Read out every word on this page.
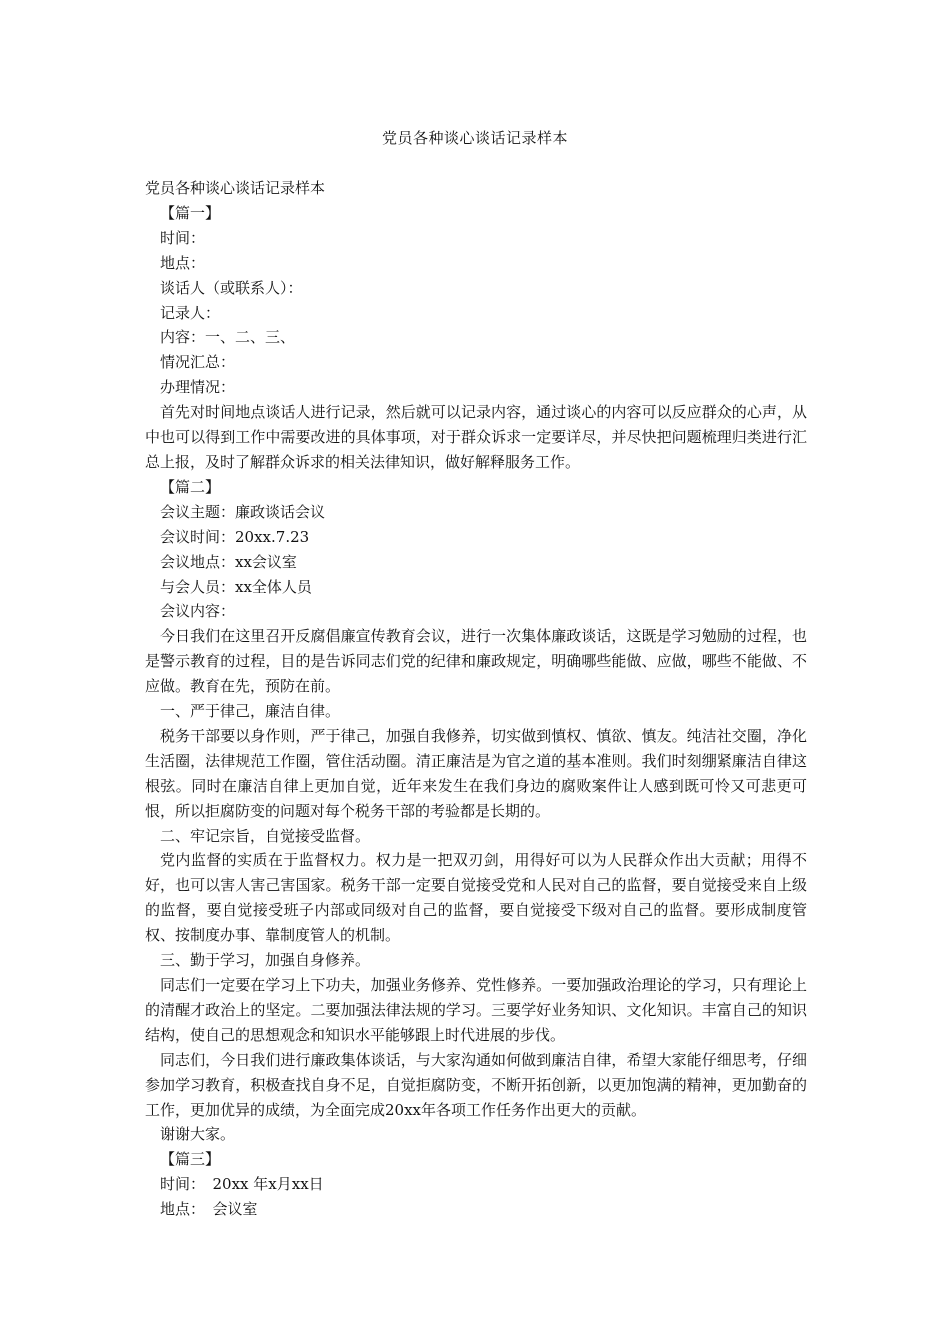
党员各种谈心谈话记录样本

党员各种谈心谈话记录样本

【篇一】

时间：

地点：

谈话人（或联系人）：

记录人：

内容：一、二、三、

情况汇总：

办理情况：

首先对时间地点谈话人进行记录，然后就可以记录内容，通过谈心的内容可以反应群众的心声，从中也可以得到工作中需要改进的具体事项，对于群众诉求一定要详尽，并尽快把问题梳理归类进行汇总上报，及时了解群众诉求的相关法律知识，做好解释服务工作。

【篇二】

会议主题：廉政谈话会议

会议时间：20xx.7.23

会议地点：xx会议室

与会人员：xx全体人员

会议内容：

今日我们在这里召开反腐倡廉宣传教育会议，进行一次集体廉政谈话，这既是学习勉励的过程，也是警示教育的过程，目的是告诉同志们党的纪律和廉政规定，明确哪些能做、应做，哪些不能做、不应做。教育在先，预防在前。

一、严于律己，廉洁自律。

税务干部要以身作则，严于律己，加强自我修养，切实做到慎权、慎欲、慎友。纯洁社交圈，净化生活圈，法律规范工作圈，管住活动圈。清正廉洁是为官之道的基本准则。我们时刻绷紧廉洁自律这根弦。同时在廉洁自律上更加自觉，近年来发生在我们身边的腐败案件让人感到既可怜又可悲更可恨，所以拒腐防变的问题对每个税务干部的考验都是长期的。

二、牢记宗旨，自觉接受监督。

党内监督的实质在于监督权力。权力是一把双刃剑，用得好可以为人民群众作出大贡献；用得不好，也可以害人害己害国家。税务干部一定要自觉接受党和人民对自己的监督，要自觉接受来自上级的监督，要自觉接受班子内部或同级对自己的监督，要自觉接受下级对自己的监督。要形成制度管权、按制度办事、靠制度管人的机制。

三、勤于学习，加强自身修养。

同志们一定要在学习上下功夫，加强业务修养、党性修养。一要加强政治理论的学习，只有理论上的清醒才政治上的坚定。二要加强法律法规的学习。三要学好业务知识、文化知识。丰富自己的知识结构，使自己的思想观念和知识水平能够跟上时代进展的步伐。

同志们，今日我们进行廉政集体谈话，与大家沟通如何做到廉洁自律，希望大家能仔细思考，仔细参加学习教育，积极查找自身不足，自觉拒腐防变，不断开拓创新，以更加饱满的精神，更加勤奋的工作，更加优异的成绩，为全面完成20xx年各项工作任务作出更大的贡献。

谢谢大家。

【篇三】

时间：　20xx 年x月xx日

地点：　会议室
